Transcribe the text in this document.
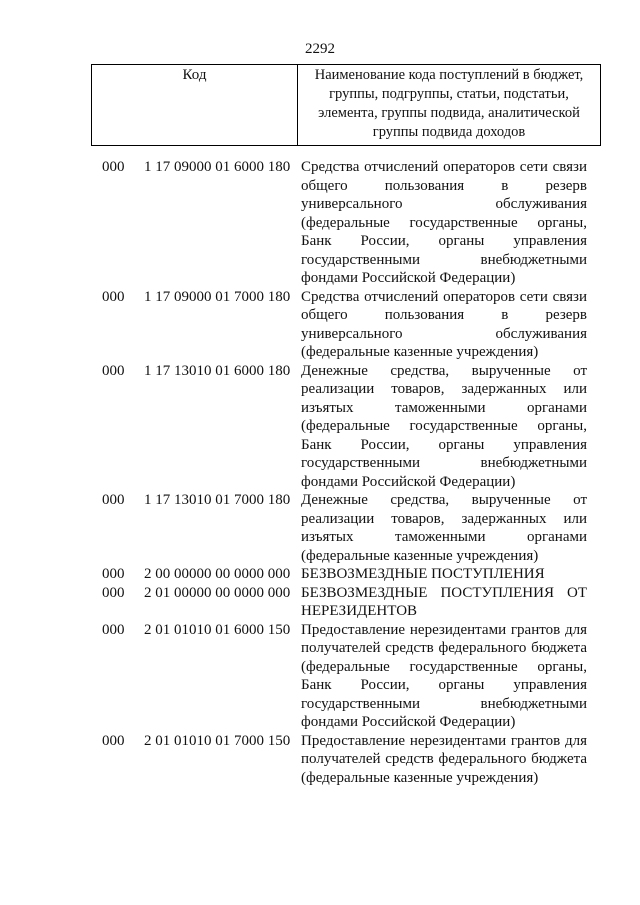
2292
Код	Наименование кода поступлений в бюджет, группы, подгруппы, статьи, подстатьи, элемента, группы подвида, аналитической группы подвида доходов
000 1 17 09000 01 6000 180 Средства отчислений операторов сети связи общего пользования в резерв универсального обслуживания (федеральные государственные органы, Банк России, органы управления государственными внебюджетными фондами Российской Федерации)
000 1 17 09000 01 7000 180 Средства отчислений операторов сети связи общего пользования в резерв универсального обслуживания (федеральные казенные учреждения)
000 1 17 13010 01 6000 180 Денежные средства, вырученные от реализации товаров, задержанных или изъятых таможенными органами (федеральные государственные органы, Банк России, органы управления государственными внебюджетными фондами Российской Федерации)
000 1 17 13010 01 7000 180 Денежные средства, вырученные от реализации товаров, задержанных или изъятых таможенными органами (федеральные казенные учреждения)
000 2 00 00000 00 0000 000 БЕЗВОЗМЕЗДНЫЕ ПОСТУПЛЕНИЯ
000 2 01 00000 00 0000 000 БЕЗВОЗМЕЗДНЫЕ ПОСТУПЛЕНИЯ ОТ НЕРЕЗИДЕНТОВ
000 2 01 01010 01 6000 150 Предоставление нерезидентами грантов для получателей средств федерального бюджета (федеральные государственные органы, Банк России, органы управления государственными внебюджетными фондами Российской Федерации)
000 2 01 01010 01 7000 150 Предоставление нерезидентами грантов для получателей средств федерального бюджета (федеральные казенные учреждения)
